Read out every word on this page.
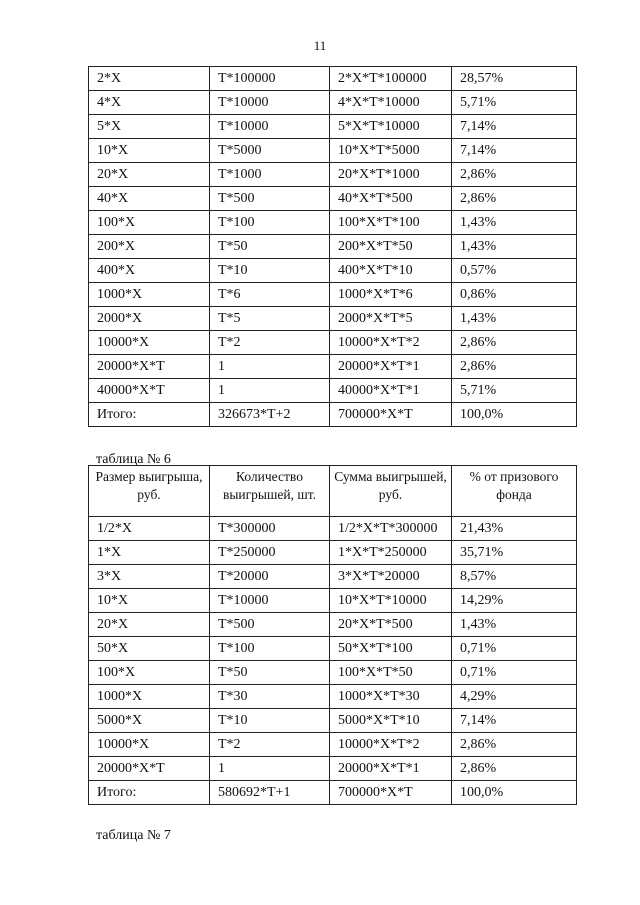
11
2*X	T*100000	2*X*T*100000	28,57%
4*X	T*10000	4*X*T*10000	5,71%
5*X	T*10000	5*X*T*10000	7,14%
10*X	T*5000	10*X*T*5000	7,14%
20*X	T*1000	20*X*T*1000	2,86%
40*X	T*500	40*X*T*500	2,86%
100*X	T*100	100*X*T*100	1,43%
200*X	T*50	200*X*T*50	1,43%
400*X	T*10	400*X*T*10	0,57%
1000*X	T*6	1000*X*T*6	0,86%
2000*X	T*5	2000*X*T*5	1,43%
10000*X	T*2	10000*X*T*2	2,86%
20000*X*T	1	20000*X*T*1	2,86%
40000*X*T	1	40000*X*T*1	5,71%
Итого:	326673*T+2	700000*X*T	100,0%
таблица № 6
Размер выигрыша, руб.	Количество выигрышей, шт.	Сумма выигрышей, руб.	% от призового фонда
1/2*X	T*300000	1/2*X*T*300000	21,43%
1*X	T*250000	1*X*T*250000	35,71%
3*X	T*20000	3*X*T*20000	8,57%
10*X	T*10000	10*X*T*10000	14,29%
20*X	T*500	20*X*T*500	1,43%
50*X	T*100	50*X*T*100	0,71%
100*X	T*50	100*X*T*50	0,71%
1000*X	T*30	1000*X*T*30	4,29%
5000*X	T*10	5000*X*T*10	7,14%
10000*X	T*2	10000*X*T*2	2,86%
20000*X*T	1	20000*X*T*1	2,86%
Итого:	580692*T+1	700000*X*T	100,0%
таблица № 7
